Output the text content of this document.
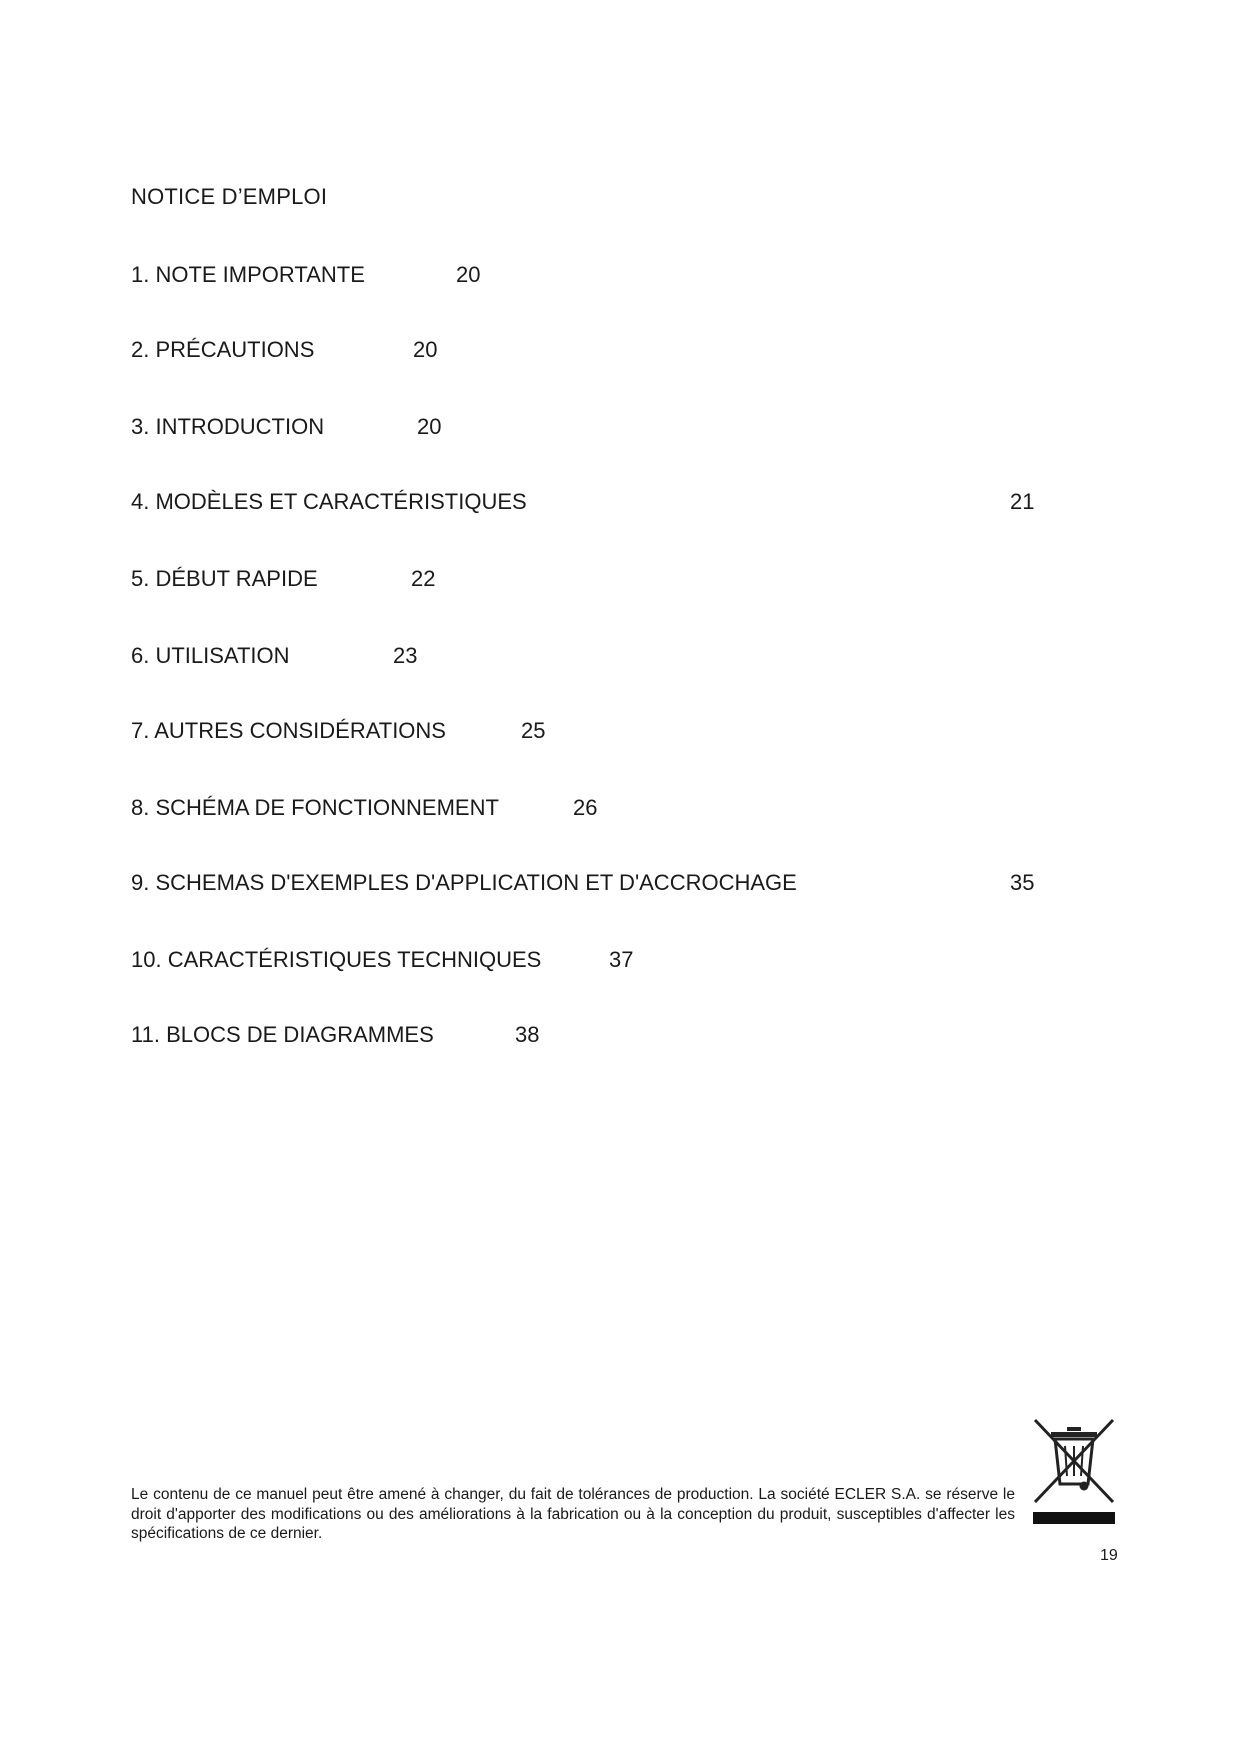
NOTICE D’EMPLOI
1. NOTE IMPORTANTE	20
2. PRÉCAUTIONS	20
3. INTRODUCTION	20
4. MODÈLES ET CARACTÉRISTIQUES	21
5. DÉBUT RAPIDE	22
6. UTILISATION	23
7. AUTRES CONSIDÉRATIONS	25
8. SCHÉMA DE FONCTIONNEMENT	26
9. SCHEMAS D'EXEMPLES D'APPLICATION ET D'ACCROCHAGE	35
10. CARACTÉRISTIQUES TECHNIQUES	37
11. BLOCS DE DIAGRAMMES	38

Le contenu de ce manuel peut être amené à changer, du fait de tolérances de production. La société ECLER S.A. se réserve le droit d'apporter des modifications ou des améliorations à la fabrication ou à la conception du produit, susceptibles d'affecter les spécifications de ce dernier.

19
